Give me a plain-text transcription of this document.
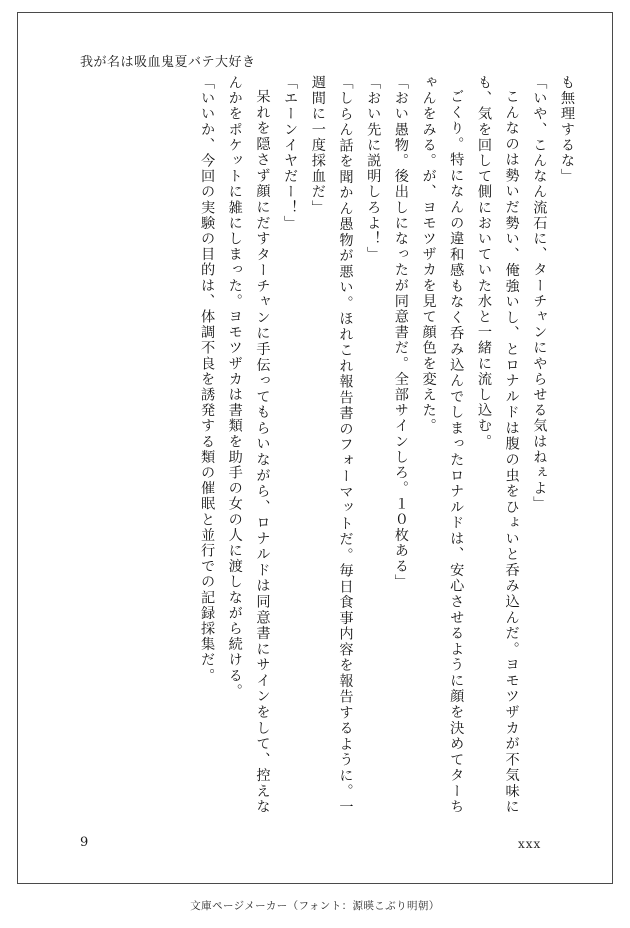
我が名は吸血鬼夏バテ大好き

も無理するな」

「いや、こんなん流石に、ターチャンにやらせる気はねぇよ」

こんなのは勢いだ勢い、俺強いし、とロナルドは腹の虫をひょいと呑み込んだ。ヨモツザカが不気味にも、気を回して側においていた水と一緒に流し込む。

ごくり。特になんの違和感もなく呑み込んでしまったロナルドは、安心させるように顔を決めてターちゃんをみる。が、ヨモツザカを見て顔色を変えた。

「おい愚物。後出しになったが同意書だ。全部サインしろ。１０枚ある」

「おい先に説明しろよ！」

「しらん話を聞かん愚物が悪い。ほれこれ報告書のフォーマットだ。毎日食事内容を報告するように。一週間に一度採血だ」

「エーンイヤだー！」

呆れを隠さず顔にだすターチャンに手伝ってもらいながら、ロナルドは同意書にサインをして、控えなんかをポケットに雑にしまった。ヨモツザカは書類を助手の女の人に渡しながら続ける。

「いいか、今回の実験の目的は、体調不良を誘発する類の催眠と並行での記録採集だ。

9	xxx
文庫ページメーカー（フォント：源暎こぶり明朝）
